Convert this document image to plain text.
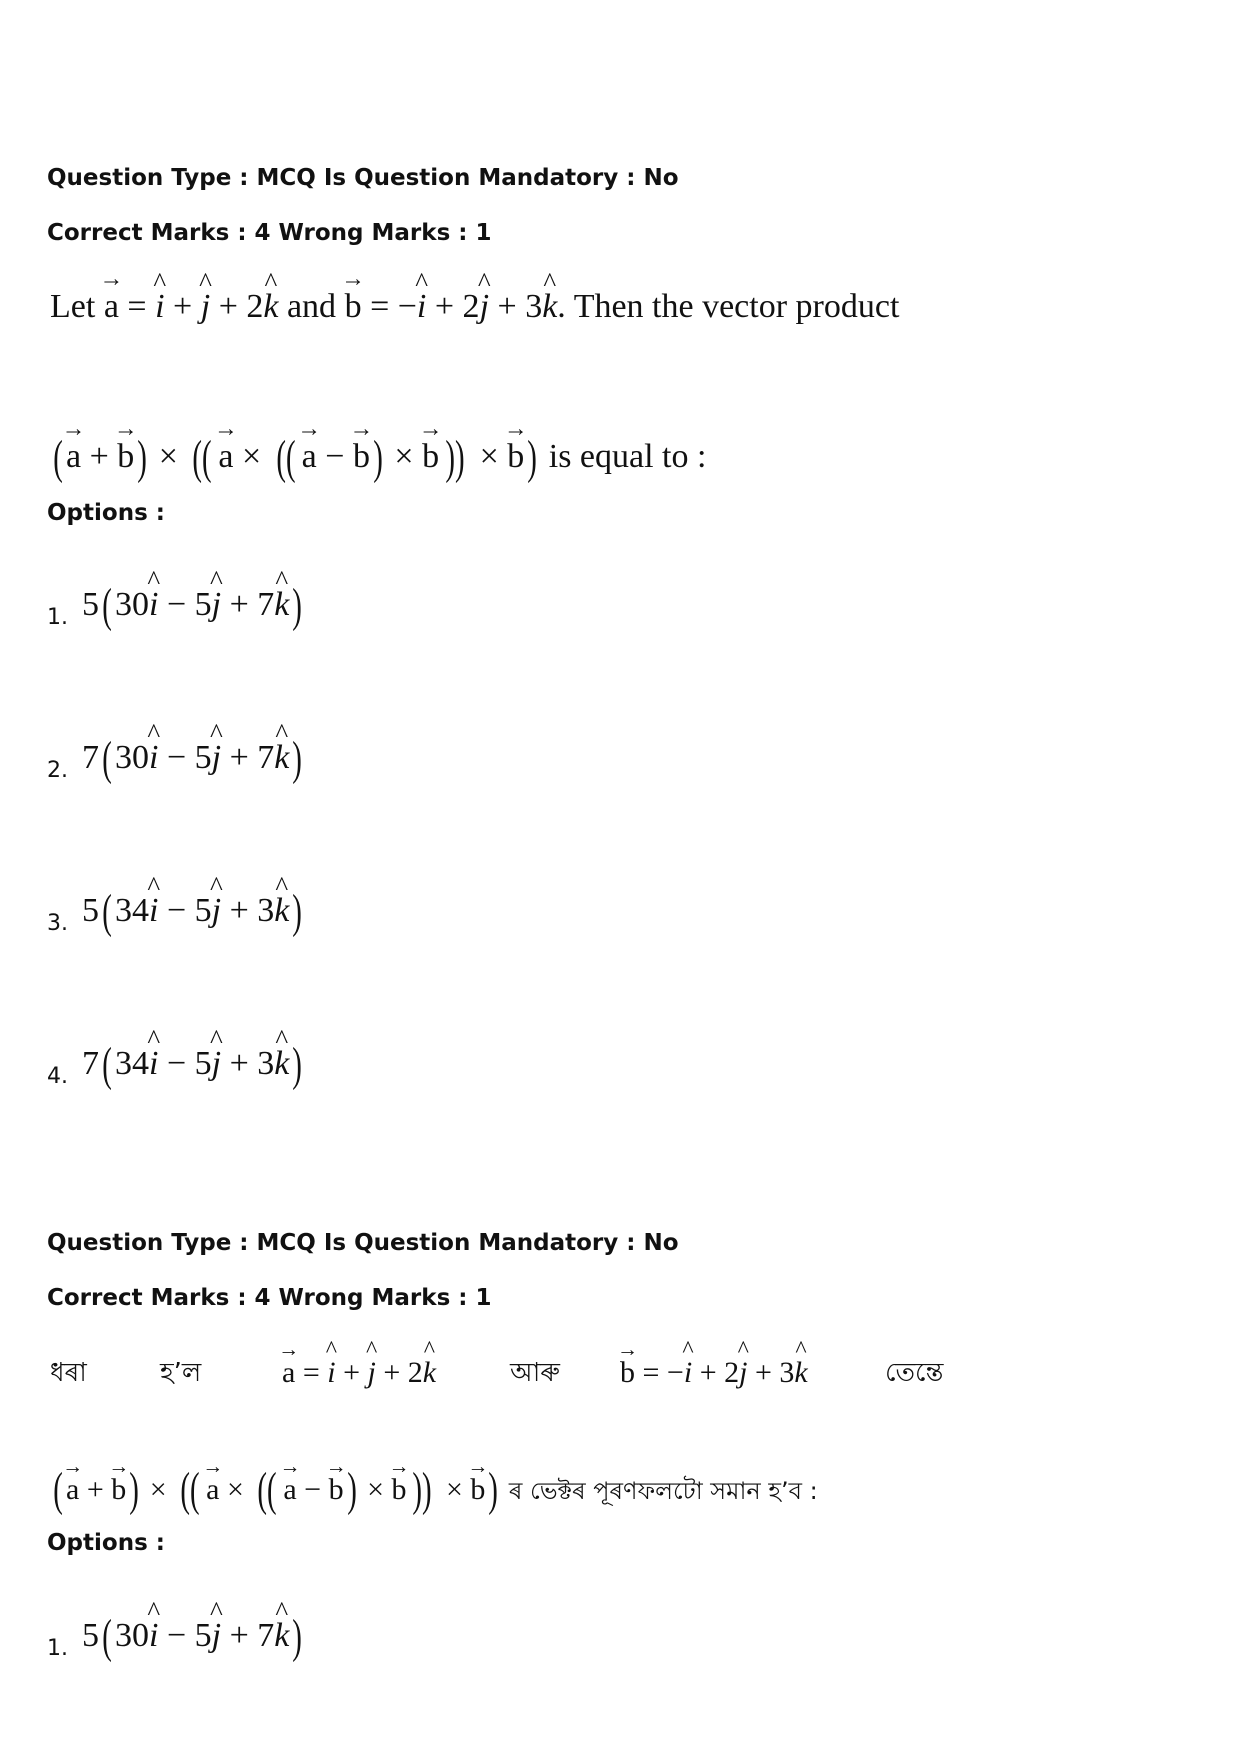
Question Type : MCQ Is Question Mandatory : No
Correct Marks : 4 Wrong Marks : 1
Let → a = ^ i + ^ j + 2^ k and → b = −^ i + 2^ j + 3^ k. Then the vector product
(→ a + → b) × (( → a × (( → a − → b) × → b )) × → b) is equal to :
Options :
1. 5(30^ i − 5^ j + 7^ k)
2. 7(30^ i − 5^ j + 7^ k)
3. 5(34^ i − 5^ j + 3^ k)
4. 7(34^ i − 5^ j + 3^ k)
Question Type : MCQ Is Question Mandatory : No
Correct Marks : 4 Wrong Marks : 1
ধৰা	হ’ল	→ a = ^ i + ^ j + 2^ k	আৰু → b = −^ i + 2^ j + 3^ k	তেন্তে
( → a + → b) × (( → a × (( → a − → b) × → b )) × → b) ৰ ভেক্টৰ পূৰণফলটো সমান হ’ব :
Options :
1. 5(30^ i − 5^ j + 7^ k)
